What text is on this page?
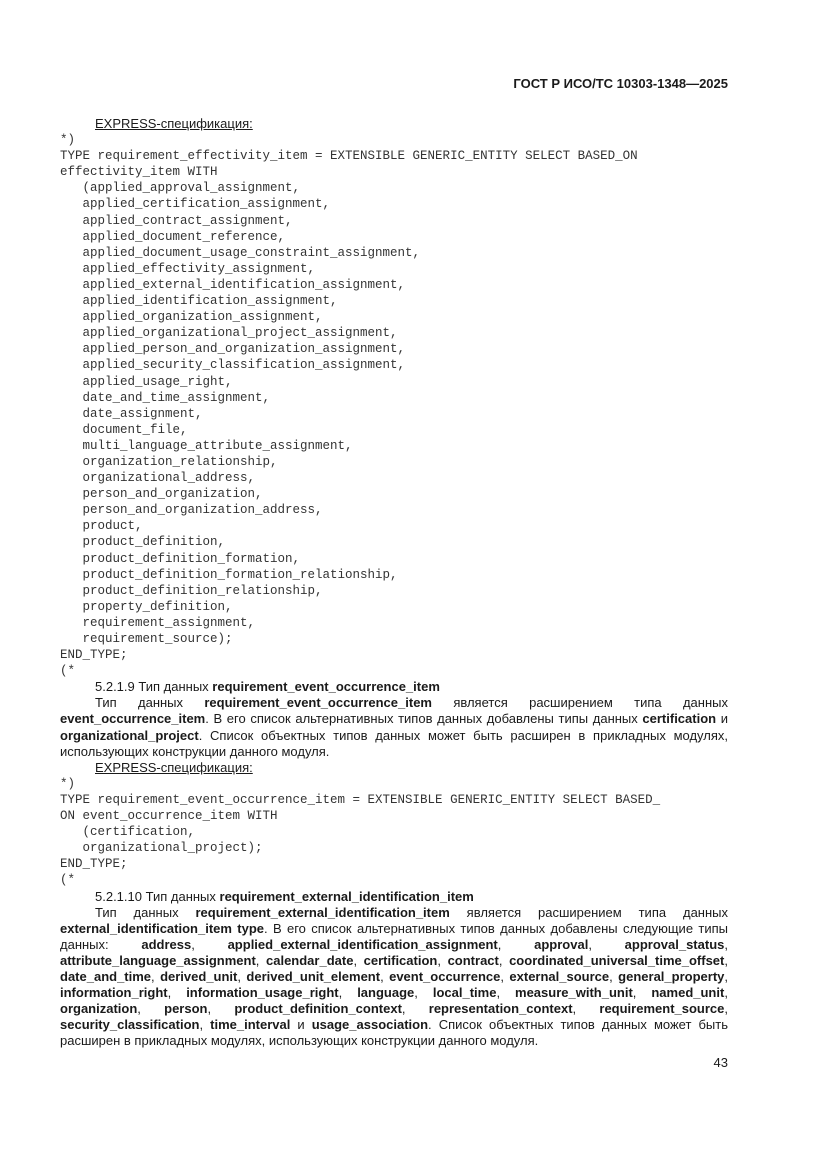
ГОСТ Р ИСО/ТС 10303-1348—2025
EXPRESS-спецификация:
*)
TYPE requirement_effectivity_item = EXTENSIBLE GENERIC_ENTITY SELECT BASED_ON
effectivity_item WITH
(applied_approval_assignment,
applied_certification_assignment,
applied_contract_assignment,
applied_document_reference,
applied_document_usage_constraint_assignment,
applied_effectivity_assignment,
applied_external_identification_assignment,
applied_identification_assignment,
applied_organization_assignment,
applied_organizational_project_assignment,
applied_person_and_organization_assignment,
applied_security_classification_assignment,
applied_usage_right,
date_and_time_assignment,
date_assignment,
document_file,
multi_language_attribute_assignment,
organization_relationship,
organizational_address,
person_and_organization,
person_and_organization_address,
product,
product_definition,
product_definition_formation,
product_definition_formation_relationship,
product_definition_relationship,
property_definition,
requirement_assignment,
requirement_source);
END_TYPE;
(*
5.2.1.9 Тип данных requirement_event_occurrence_item

Тип данных requirement_event_occurrence_item является расширением типа данных event_occurrence_item. В его список альтернативных типов данных добавлены типы данных certification и organizational_project. Список объектных типов данных может быть расширен в прикладных модулях, использующих конструкции данного модуля.

EXPRESS-спецификация:
*)
TYPE requirement_event_occurrence_item = EXTENSIBLE GENERIC_ENTITY SELECT BASED_
ON event_occurrence_item WITH
(certification,
organizational_project);
END_TYPE;
(*
5.2.1.10 Тип данных requirement_external_identification_item

Тип данных requirement_external_identification_item является расширением типа данных external_identification_item type. В его список альтернативных типов данных добавлены следующие типы данных: address, applied_external_identification_assignment, approval, approval_status, attribute_language_assignment, calendar_date, certification, contract, coordinated_universal_time_offset, date_and_time, derived_unit, derived_unit_element, event_occurrence, external_source, general_property, information_right, information_usage_right, language, local_time, measure_with_unit, named_unit, organization, person, product_definition_context, representation_context, requirement_source, security_classification, time_interval и usage_association. Список объектных типов данных может быть расширен в прикладных модулях, использующих конструкции данного модуля.

43
